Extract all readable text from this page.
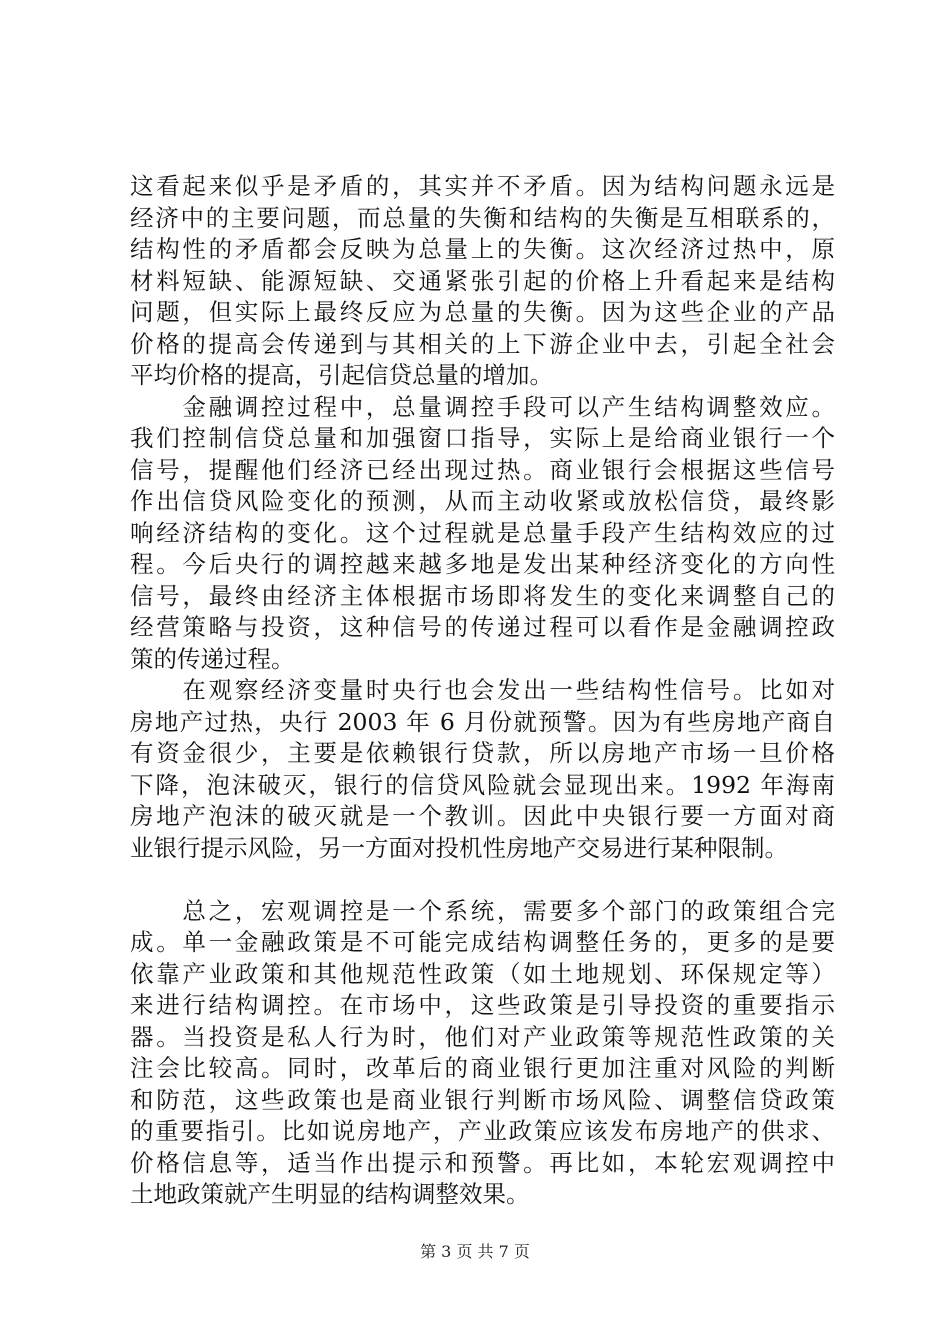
这看起来似乎是矛盾的，其实并不矛盾。因为结构问题永远是
经济中的主要问题，而总量的失衡和结构的失衡是互相联系的，
结构性的矛盾都会反映为总量上的失衡。这次经济过热中，原
材料短缺、能源短缺、交通紧张引起的价格上升看起来是结构
问题，但实际上最终反应为总量的失衡。因为这些企业的产品
价格的提高会传递到与其相关的上下游企业中去，引起全社会
平均价格的提高，引起信贷总量的增加。
　　金融调控过程中，总量调控手段可以产生结构调整效应。
我们控制信贷总量和加强窗口指导，实际上是给商业银行一个
信号，提醒他们经济已经出现过热。商业银行会根据这些信号
作出信贷风险变化的预测，从而主动收紧或放松信贷，最终影
响经济结构的变化。这个过程就是总量手段产生结构效应的过
程。今后央行的调控越来越多地是发出某种经济变化的方向性
信号，最终由经济主体根据市场即将发生的变化来调整自己的
经营策略与投资，这种信号的传递过程可以看作是金融调控政
策的传递过程。
　　在观察经济变量时央行也会发出一些结构性信号。比如对
房地产过热，央行 2003 年 6 月份就预警。因为有些房地产商自
有资金很少，主要是依赖银行贷款，所以房地产市场一旦价格
下降，泡沫破灭，银行的信贷风险就会显现出来。1992 年海南
房地产泡沫的破灭就是一个教训。因此中央银行要一方面对商
业银行提示风险，另一方面对投机性房地产交易进行某种限制。
　　总之，宏观调控是一个系统，需要多个部门的政策组合完
成。单一金融政策是不可能完成结构调整任务的，更多的是要
依靠产业政策和其他规范性政策（如土地规划、环保规定等）
来进行结构调控。在市场中，这些政策是引导投资的重要指示
器。当投资是私人行为时，他们对产业政策等规范性政策的关
注会比较高。同时，改革后的商业银行更加注重对风险的判断
和防范，这些政策也是商业银行判断市场风险、调整信贷政策
的重要指引。比如说房地产，产业政策应该发布房地产的供求、
价格信息等，适当作出提示和预警。再比如，本轮宏观调控中
土地政策就产生明显的结构调整效果。
第 3 页 共 7 页
